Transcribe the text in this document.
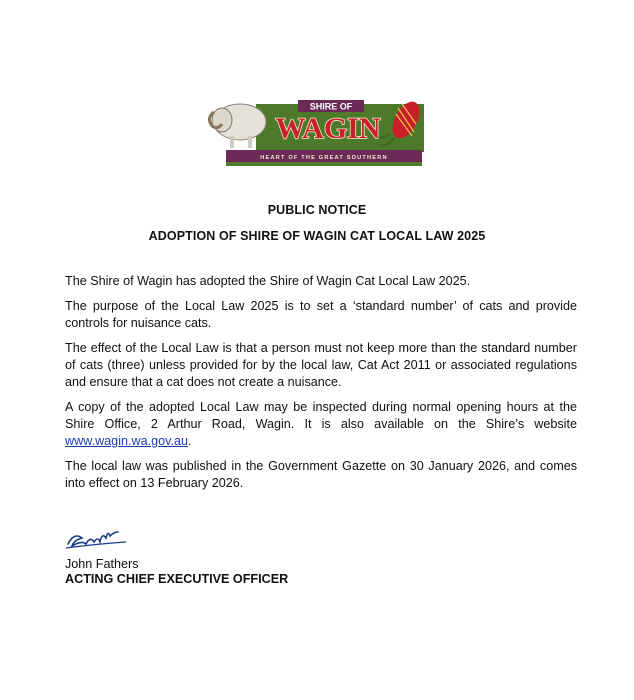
SHIRE OF
WAGIN
HEART OF THE GREAT SOUTHERN
PUBLIC NOTICE
ADOPTION OF SHIRE OF WAGIN CAT LOCAL LAW 2025

The Shire of Wagin has adopted the Shire of Wagin Cat Local Law 2025.

The purpose of the Local Law 2025 is to set a ‘standard number’ of cats and provide controls for nuisance cats.

The effect of the Local Law is that a person must not keep more than the standard number of cats (three) unless provided for by the local law, Cat Act 2011 or associated regulations and ensure that a cat does not create a nuisance.

A copy of the adopted Local Law may be inspected during normal opening hours at the Shire Office, 2 Arthur Road, Wagin. It is also available on the Shire’s website www.wagin.wa.gov.au.

The local law was published in the Government Gazette on 30 January 2026, and comes into effect on 13 February 2026.

John Fathers
ACTING CHIEF EXECUTIVE OFFICER
